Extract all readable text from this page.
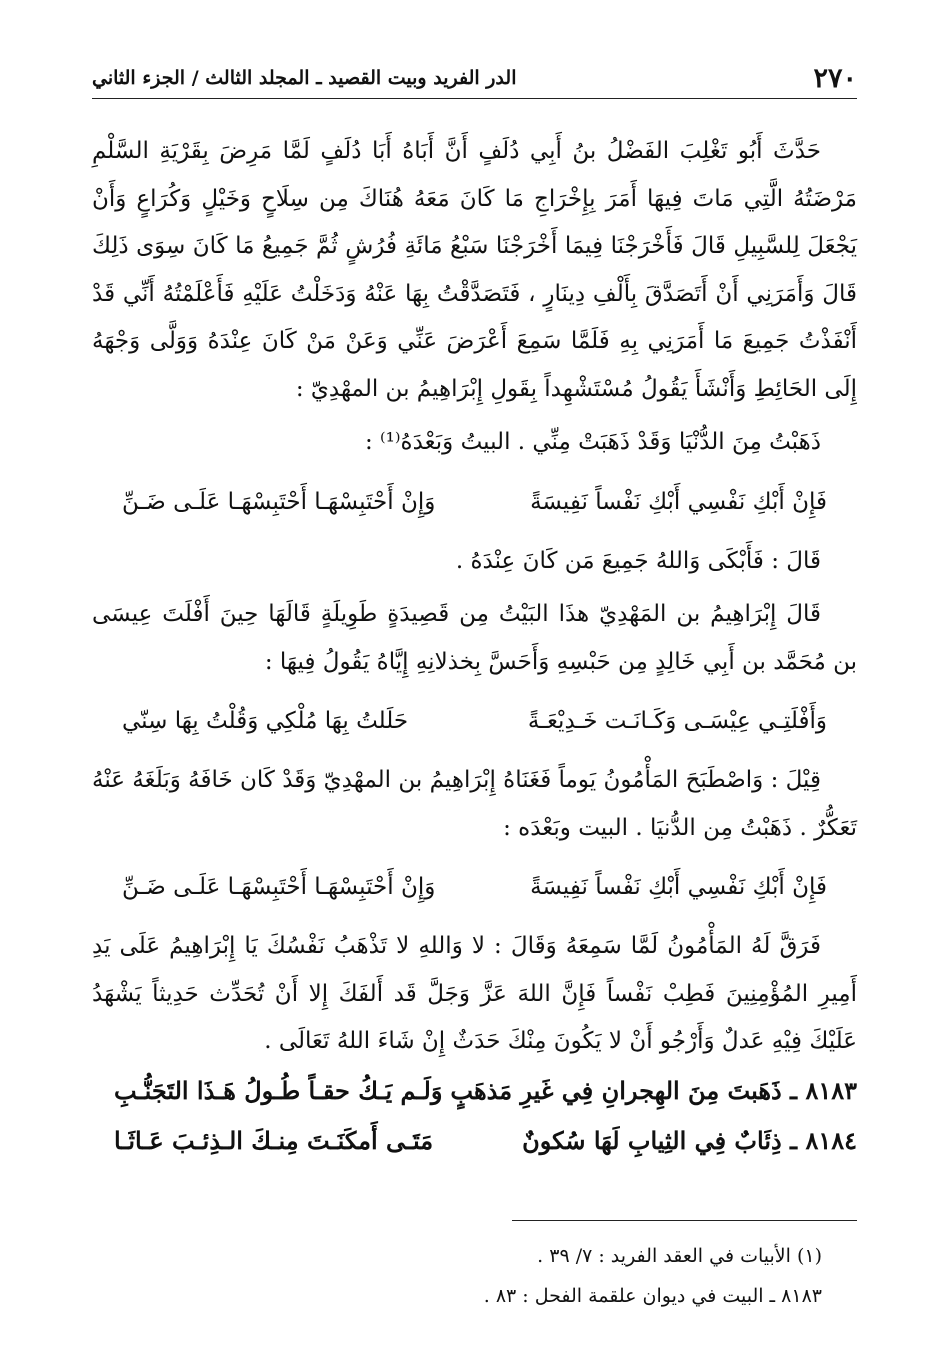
٢٧٠
الدر الفريد وبيت القصيد ـ المجلد الثالث / الجزء الثاني

حَدَّثَ أَبُو تَغْلِبَ الفَضْلُ بنُ أَبِي دُلَفٍ أَنَّ أَبَاهُ أَبَا دُلَفٍ لَمَّا مَرِضَ بِقَرْيَةِ السَّلْمِ مَرْضَتُهُ الَّتِي مَاتَ فِيهَا أَمَرَ بِإِخْرَاجِ مَا كَانَ مَعَهُ هُنَاكَ مِن سِلَاحٍ وَخَيْلٍ وَكُرَاعٍ وَأَنْ يَجْعَلَ لِلسَّبِيلِ قَالَ فَأَخْرَجْنَا فِيمَا أَخْرَجْنَا سَبْعُ مَائَةِ فُرُشٍ ثُمَّ جَمِيعُ مَا كَانَ سِوَى ذَلِكَ قَالَ وَأَمَرَنِي أَنْ أَتَصَدَّقَ بِأَلْفِ دِينَارٍ ، فَتَصَدَّقْتُ بِهَا عَنْهُ وَدَخَلْتُ عَلَيْهِ فَأَعْلَمْتُهُ أَنِّي قَدْ أَنْفَذْتُ جَمِيعَ مَا أَمَرَنِي بِهِ فَلَمَّا سَمِعَ أَعْرَضَ عَنِّي وَعَنْ مَنْ كَانَ عِنْدَهُ وَوَلَّى وَجْهَهُ إِلَى الحَائِطِ وَأَنْشَأَ يَقُولُ مُسْتَشْهِداً بِقَولِ إِبْرَاهِيمُ بن المهْدِيّ :

ذَهَبْتُ مِنَ الدُّنْيَا وَقَدْ ذَهَبَتْ مِنِّي . البيتُ وَبَعْدَهُ⁽¹⁾ :

فَإِنْ أَبْكِ نَفْسِي أَبْكِ نَفْساً نَفِيسَةً
وَإِنْ أَحْتَبِسْهَـا أَحْتَبِسْهَـا عَلَـى ضَـنِّ

قَالَ : فَأَبْكَى وَاللهُ جَمِيعَ مَن كَانَ عِنْدَهُ .

قَالَ إِبْرَاهِيمُ بن المَهْدِيّ هذَا البَيْتُ مِن قَصِيدَةٍ طَوِيلَةٍ قَالَهَا حِينَ أَفْلَتَ عِيسَى بن مُحَمَّد بن أَبِي خَالِدٍ مِن حَبْسِهِ وَأَحَسَّ بِخذلانِهِ إِيَّاهُ يَقُولُ فِيهَا :

وَأَفْلَتِـي عِيْسَـى وَكَـانَـت خَـدِيْعَـةً
حَلَلتُ بِهَا مُلْكِي وَقُلْتُ بِهَا سِنّي

قِيْلَ : وَاصْطَبَحَ المَأْمُونُ يَوماً فَغَنَاهُ إِبْرَاهِيمُ بن المهْدِيّ وَقَدْ كَان خَافَهُ وَبَلَغَهُ عَنْهُ تَعَكُّرٌ . ذَهَبْتُ مِن الدُّنيَا . البيت وبَعْدَه :

فَإِنْ أَبْكِ نَفْسِي أَبْكِ نَفْساً نَفِيسَةً
وَإِنْ أَحْتَبِسْهَـا أَحْتَبِسْهَـا عَلَـى ضَـنِّ

فَرَقَّ لَهُ المَأْمُونُ لَمَّا سَمِعَهُ وَقَالَ : لا وَاللهِ لا تَذْهَبُ نَفْسُكَ يَا إِبْرَاهِيمُ عَلَى يَدِ أَمِيرِ المُؤْمِنِينَ فَطِبْ نَفْساً فَإِنَّ اللهَ عَزَّ وَجَلَّ قَد أَلفَكَ إِلا أَنْ تُحَدِّث حَدِيثاً يَشْهَدُ عَلَيْكَ فِيْهِ عَدلٌ وَأَرْجُو أَنْ لا يَكُونَ مِنْكَ حَدَثٌ إِنْ شَاءَ اللهُ تَعَالَى .

٨١٨٣ ـ ذَهَبتَ مِنَ الهِجرانِ فِي غَيرِ مَذهَبٍ
وَلَـم يَـكُ حقـاً طُـولُ هَـذَا التَجَنُّـبِ
٨١٨٤ ـ ذِئَابٌ فِي الثِيابِ لَهَا سُكونٌ
مَتَـى أَمكَنَـتَ مِنـكَ الـذِئـبَ عَـاثَـا

(١) الأبيات في العقد الفريد : ٧/ ٣٩ .

٨١٨٣ ـ البيت في ديوان علقمة الفحل : ٨٣ .
